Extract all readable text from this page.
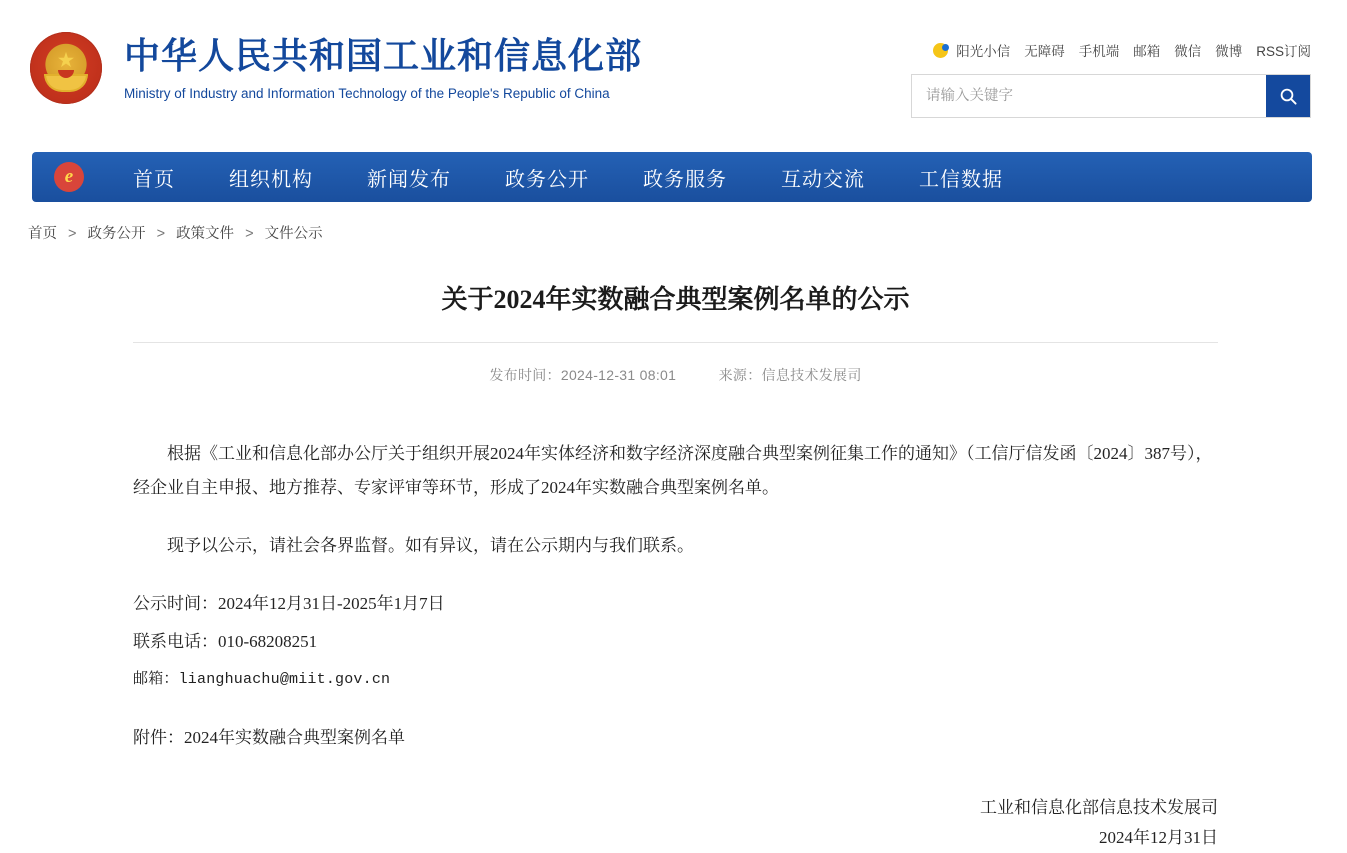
★ 中华人民共和国工业和信息化部
Ministry of Industry and Information Technology of the People's Republic of China
阳光小信 无障碍 手机端 邮箱 微信 微博 RSS订阅
请输入关键字
e	首页	组织机构	新闻发布	政务公开	政务服务	互动交流	工信数据
首页 > 政务公开 > 政策文件 > 文件公示
关于2024年实数融合典型案例名单的公示
发布时间：2024-12-31 08:01	来源：信息技术发展司

根据《工业和信息化部办公厅关于组织开展2024年实体经济和数字经济深度融合典型案例征集工作的通知》（工信厅信发函〔2024〕387号），经企业自主申报、地方推荐、专家评审等环节，形成了2024年实数融合典型案例名单。

现予以公示，请社会各界监督。如有异议，请在公示期内与我们联系。

公示时间：2024年12月31日-2025年1月7日

联系电话：010-68208251

邮箱：lianghuachu@miit.gov.cn

附件：2024年实数融合典型案例名单

工业和信息化部信息技术发展司
2024年12月31日
